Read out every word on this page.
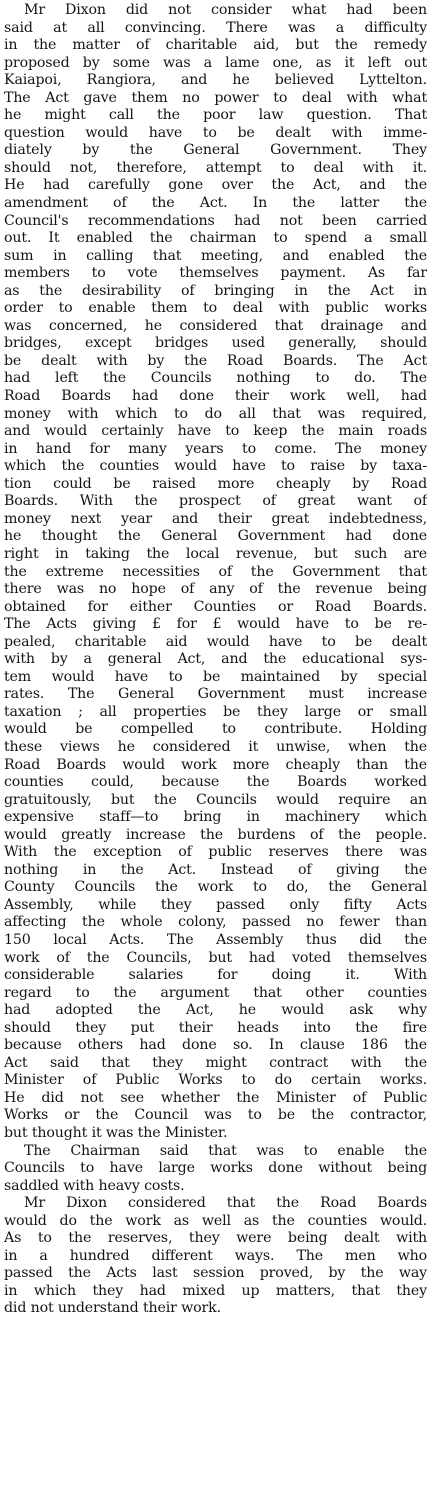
Mr Dixon did not consider what had been
said at all convincing. There was a difficulty
in the matter of charitable aid, but the remedy
proposed by some was a lame one, as it left out
Kaiapoi, Rangiora, and he believed Lyttelton.
The Act gave them no power to deal with what
he might call the poor law question. That
question would have to be dealt with imme-
diately by the General Government. They
should not, therefore, attempt to deal with it.
He had carefully gone over the Act, and the
amendment of the Act. In the latter the
Council's recommendations had not been carried
out. It enabled the chairman to spend a small
sum in calling that meeting, and enabled the
members to vote themselves payment. As far
as the desirability of bringing in the Act in
order to enable them to deal with public works
was concerned, he considered that drainage and
bridges, except bridges used generally, should
be dealt with by the Road Boards. The Act
had left the Councils nothing to do. The
Road Boards had done their work well, had
money with which to do all that was required,
and would certainly have to keep the main roads
in hand for many years to come. The money
which the counties would have to raise by taxa-
tion could be raised more cheaply by Road
Boards. With the prospect of great want of
money next year and their great indebtedness,
he thought the General Government had done
right in taking the local revenue, but such are
the extreme necessities of the Government that
there was no hope of any of the revenue being
obtained for either Counties or Road Boards.
The Acts giving £ for £ would have to be re-
pealed, charitable aid would have to be dealt
with by a general Act, and the educational sys-
tem would have to be maintained by special
rates. The General Government must increase
taxation ; all properties be they large or small
would be compelled to contribute. Holding
these views he considered it unwise, when the
Road Boards would work more cheaply than the
counties could, because the Boards worked
gratuitously, but the Councils would require an
expensive staff—to bring in machinery which
would greatly increase the burdens of the people.
With the exception of public reserves there was
nothing in the Act. Instead of giving the
County Councils the work to do, the General
Assembly, while they passed only fifty Acts
affecting the whole colony, passed no fewer than
150 local Acts. The Assembly thus did the
work of the Councils, but had voted themselves
considerable salaries for doing it. With
regard to the argument that other counties
had adopted the Act, he would ask why
should they put their heads into the fire
because others had done so. In clause 186 the
Act said that they might contract with the
Minister of Public Works to do certain works.
He did not see whether the Minister of Public
Works or the Council was to be the contractor,
but thought it was the Minister.
The Chairman said that was to enable the
Councils to have large works done without being
saddled with heavy costs.
Mr Dixon considered that the Road Boards
would do the work as well as the counties would.
As to the reserves, they were being dealt with
in a hundred different ways. The men who
passed the Acts last session proved, by the way
in which they had mixed up matters, that they
did not understand their work.
